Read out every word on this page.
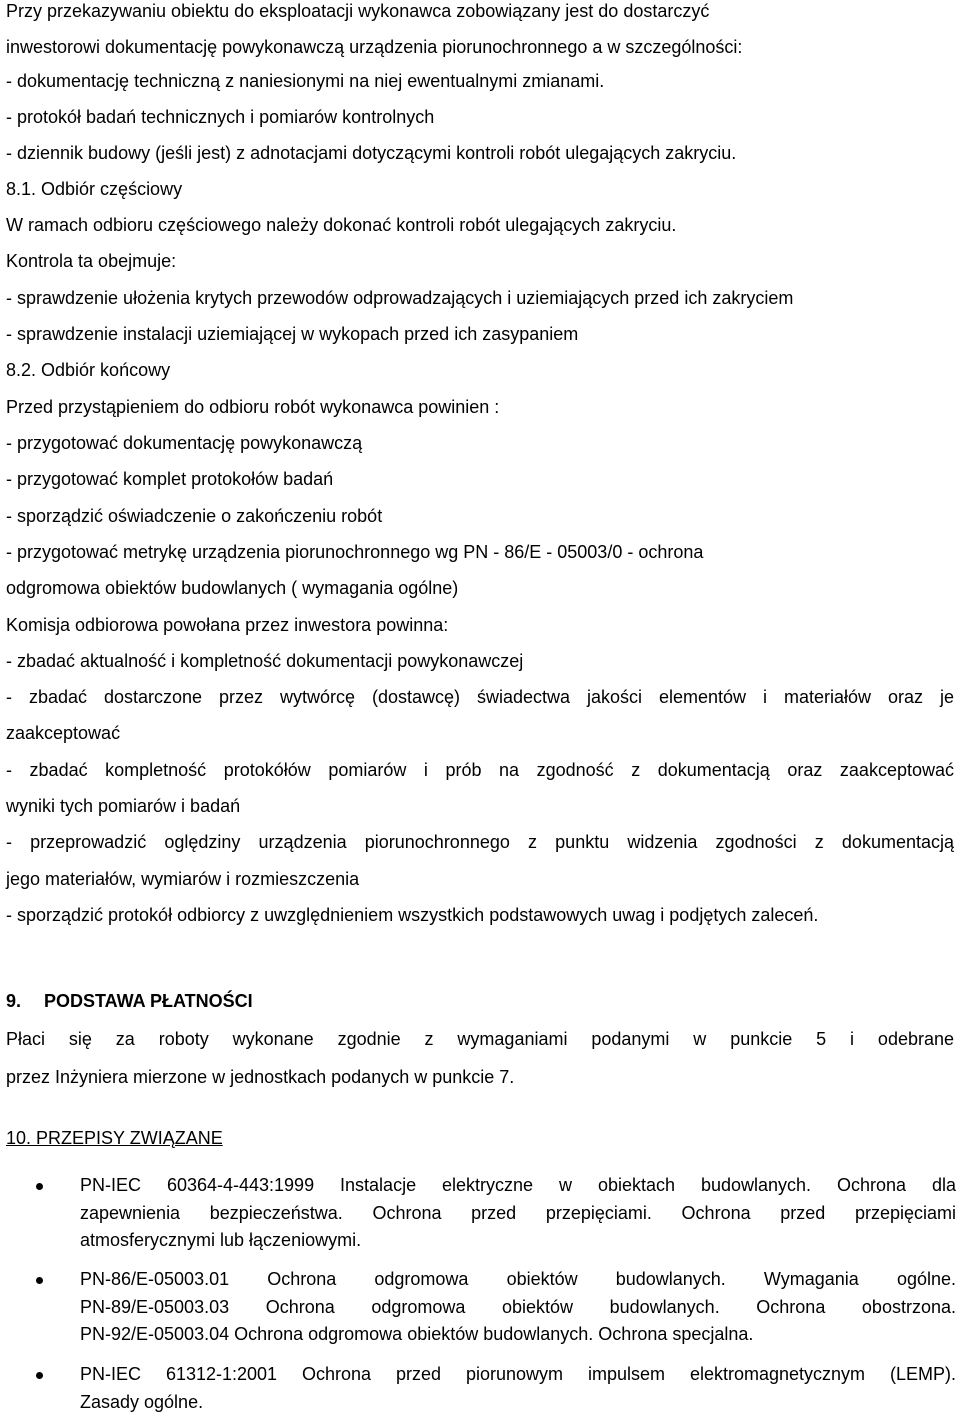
Przy przekazywaniu obiektu do eksploatacji wykonawca zobowiązany jest do dostarczyć
inwestorowi dokumentację powykonawczą urządzenia piorunochronnego a w szczególności:
- dokumentację techniczną z naniesionymi na niej ewentualnymi zmianami.
- protokół badań technicznych i pomiarów kontrolnych
- dziennik budowy (jeśli jest) z adnotacjami dotyczącymi kontroli robót ulegających zakryciu.
8.1. Odbiór częściowy
W ramach odbioru częściowego należy dokonać kontroli robót ulegających zakryciu.
Kontrola ta obejmuje:
- sprawdzenie ułożenia krytych przewodów odprowadzających i uziemiających przed ich zakryciem
- sprawdzenie instalacji uziemiającej w wykopach przed ich zasypaniem
8.2. Odbiór końcowy
Przed przystąpieniem do odbioru robót wykonawca powinien :
- przygotować dokumentację powykonawczą
- przygotować komplet protokołów badań
- sporządzić oświadczenie o zakończeniu robót
- przygotować metrykę urządzenia piorunochronnego wg PN - 86/E - 05003/0 - ochrona
odgromowa obiektów budowlanych ( wymagania ogólne)
Komisja odbiorowa powołana przez inwestora powinna:
- zbadać aktualność i kompletność dokumentacji powykonawczej
- zbadać dostarczone przez wytwórcę (dostawcę) świadectwa jakości elementów i materiałów oraz je
zaakceptować
- zbadać kompletność protokółów pomiarów i prób na zgodność z dokumentacją oraz zaakceptować
wyniki tych pomiarów i badań
- przeprowadzić oględziny urządzenia piorunochronnego z punktu widzenia zgodności z dokumentacją
jego materiałów, wymiarów i rozmieszczenia
- sporządzić protokół odbiorcy z uwzględnieniem wszystkich podstawowych uwag i podjętych zaleceń.
9. PODSTAWA PŁATNOŚCI
Płaci się za roboty wykonane zgodnie z wymaganiami podanymi w punkcie 5 i odebrane
przez Inżyniera mierzone w jednostkach podanych w punkcie 7.
10. PRZEPISY ZWIĄZANE
PN-IEC 60364-4-443:1999 Instalacje elektryczne w obiektach budowlanych. Ochrona dla
zapewnienia bezpieczeństwa. Ochrona przed przepięciami. Ochrona przed przepięciami
atmosferycznymi lub łączeniowymi.
PN-86/E-05003.01 Ochrona odgromowa obiektów budowlanych. Wymagania ogólne.
PN-89/E-05003.03 Ochrona odgromowa obiektów budowlanych. Ochrona obostrzona.
PN-92/E-05003.04 Ochrona odgromowa obiektów budowlanych. Ochrona specjalna.
PN-IEC 61312-1:2001 Ochrona przed piorunowym impulsem elektromagnetycznym (LEMP).
Zasady ogólne.
